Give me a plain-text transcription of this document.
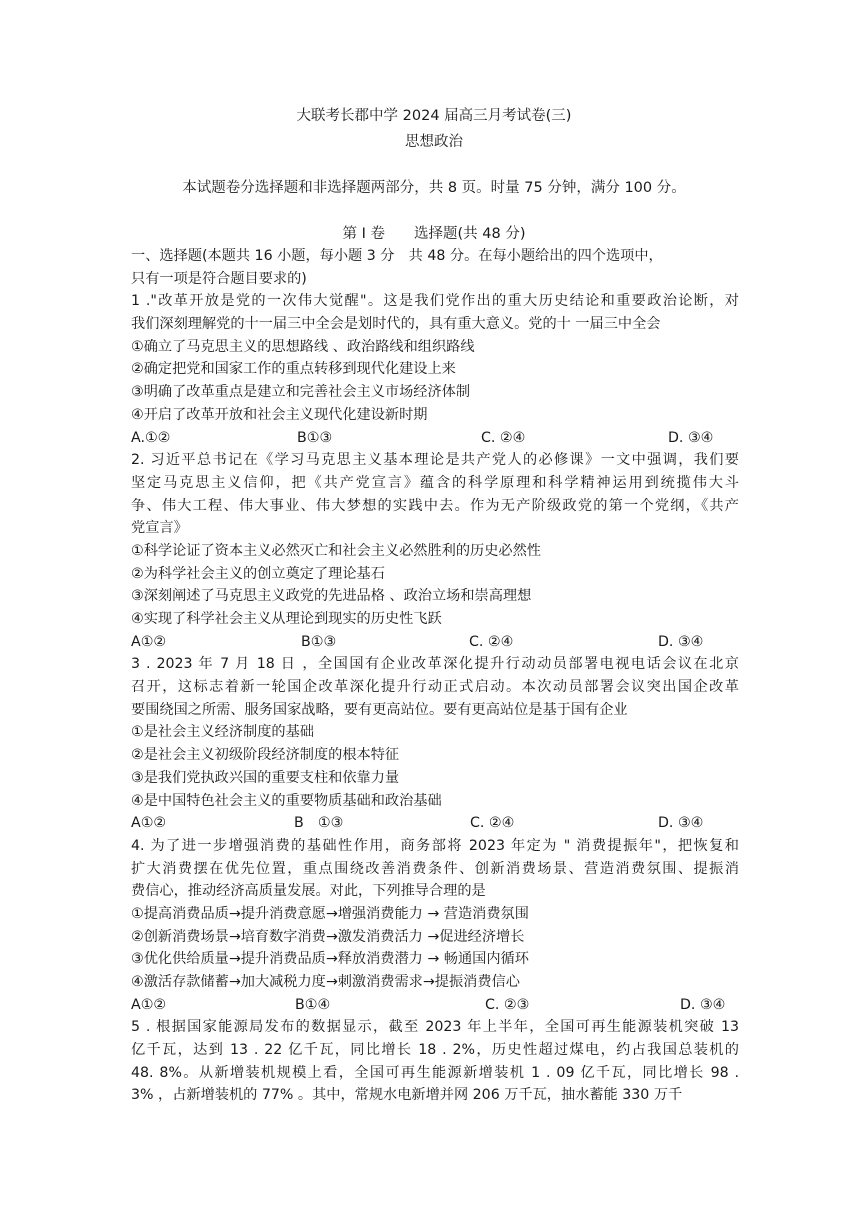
大联考长郡中学 2024 届高三月考试卷(三)
思想政治
本试题卷分选择题和非选择题两部分，共 8 页。时量 75 分钟，满分 100 分。
第 I 卷　　选择题(共 48 分)
一、选择题(本题共 16 小题，每小题 3 分　共 48 分。在每小题给出的四个选项中，
只有一项是符合题目要求的)
1 ."改革开放是党的一次伟大觉醒"。这是我们党作出的重大历史结论和重要政治论断，对
我们深刻理解党的十一届三中全会是划时代的，具有重大意义。党的十 一届三中全会
①确立了马克思主义的思想路线 、政治路线和组织路线
②确定把党和国家工作的重点转移到现代化建设上来
③明确了改革重点是建立和完善社会主义市场经济体制
④开启了改革开放和社会主义现代化建设新时期
A.①②	B①③	C. ②④	D. ③④
2. 习近平总书记在《学习马克思主义基本理论是共产党人的必修课》一文中强调，我们要
坚定马克思主义信仰，把《共产党宣言》蕴含的科学原理和科学精神运用到统揽伟大斗
争、伟大工程、伟大事业、伟大梦想的实践中去。作为无产阶级政党的第一个党纲，《共产
党宣言》
①科学论证了资本主义必然灭亡和社会主义必然胜利的历史必然性
②为科学社会主义的创立奠定了理论基石
③深刻阐述了马克思主义政党的先进品格 、政治立场和崇高理想
④实现了科学社会主义从理论到现实的历史性飞跃
A①②	B①③	C. ②④	D. ③④
3 . 2023 年 7 月 18 日 ，全国国有企业改革深化提升行动动员部署电视电话会议在北京
召开，这标志着新一轮国企改革深化提升行动正式启动。本次动员部署会议突出国企改革
要围绕国之所需、服务国家战略，要有更高站位。要有更高站位是基于国有企业
①是社会主义经济制度的基础
②是社会主义初级阶段经济制度的根本特征
③是我们党执政兴国的重要支柱和依靠力量
④是中国特色社会主义的重要物质基础和政治基础
A①②	B　①③	C. ②④	D. ③④
4. 为了进一步增强消费的基础性作用，商务部将 2023 年定为 " 消费提振年"，把恢复和
扩大消费摆在优先位置，重点围绕改善消费条件、创新消费场景、营造消费氛围、提振消
费信心，推动经济高质量发展。对此，下列推导合理的是
①提高消费品质→提升消费意愿→增强消费能力 → 营造消费氛围
②创新消费场景→培育数字消费→激发消费活力 →促进经济增长
③优化供给质量→提升消费品质→释放消费潜力 → 畅通国内循环
④激活存款储蓄→加大减税力度→刺激消费需求→提振消费信心
A①②	B①④	C. ②③	D. ③④
5 . 根据国家能源局发布的数据显示，截至 2023 年上半年，全国可再生能源装机突破 13
亿千瓦，达到 13 . 22 亿千瓦，同比增长 18 . 2%，历史性超过煤电，约占我国总装机的
48. 8%。从新增装机规模上看，全国可再生能源新增装机 1 . 09 亿千瓦，同比增长 98 .
3% ，占新增装机的 77% 。其中，常规水电新增并网 206 万千瓦，抽水蓄能 330 万千
